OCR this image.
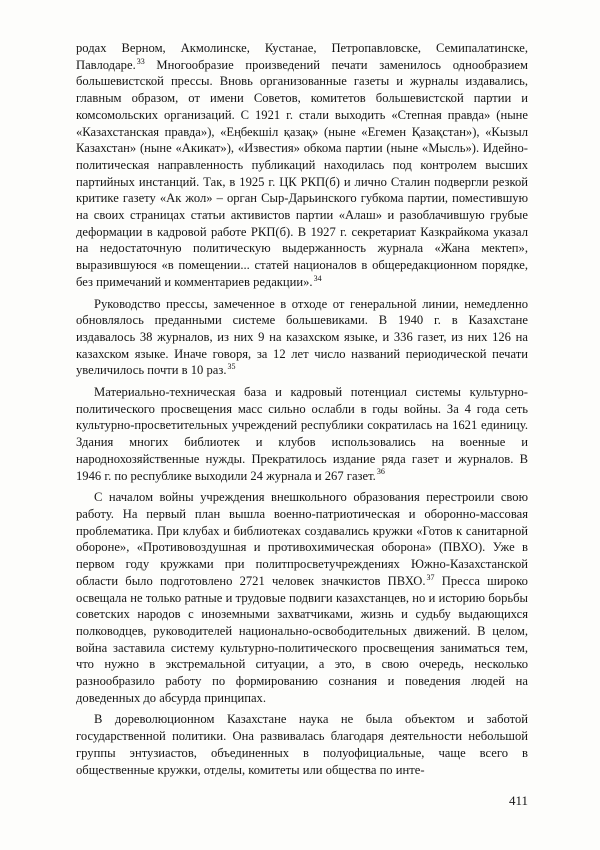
родах Верном, Акмолинске, Кустанае, Петропавловске, Семипалатинске, Павлодаре.$^{33}$ Многообразие произведений печати заменилось однообразием большевистской прессы. Вновь организованные газеты и журналы издавались, главным образом, от имени Советов, комитетов большевистской партии и комсомольских организаций. С 1921 г. стали выходить «Степная правда» (ныне «Казахстанская правда»), «Еңбекшiл қазақ» (ныне «Егемен Қазақстан»), «Кызыл Казахстан» (ныне «Акикат»), «Известия» обкома партии (ныне «Мысль»). Идейно-политическая направленность публикаций находилась под контролем высших партийных инстанций. Так, в 1925 г. ЦК РКП(б) и лично Сталин подвергли резкой критике газету «Ак жол» – орган Сыр-Дарьинского губкома партии, поместившую на своих страницах статьи активистов партии «Алаш» и разоблачившую грубые деформации в кадровой работе РКП(б). В 1927 г. секретариат Казкрайкома указал на недостаточную политическую выдержанность журнала «Жана мектеп», выразившуюся «в помещении... статей националов в общередакционном порядке, без примечаний и комментариев редакции».$^{34}$

Руководство прессы, замеченное в отходе от генеральной линии, немедленно обновлялось преданными системе большевиками. В 1940 г. в Казахстане издавалось 38 журналов, из них 9 на казахском языке, и 336 газет, из них 126 на казахском языке. Иначе говоря, за 12 лет число названий периодической печати увеличилось почти в 10 раз.$^{35}$

Материально-техническая база и кадровый потенциал системы культурно-политического просвещения масс сильно ослабли в годы войны. За 4 года сеть культурно-просветительных учреждений республики сократилась на 1621 единицу. Здания многих библиотек и клубов использовались на военные и народнохозяйственные нужды. Прекратилось издание ряда газет и журналов. В 1946 г. по республике выходили 24 журнала и 267 газет.$^{36}$

С началом войны учреждения внешкольного образования перестроили свою работу. На первый план вышла военно-патриотическая и оборонно-массовая проблематика. При клубах и библиотеках создавались кружки «Готов к санитарной обороне», «Противовоздушная и противохимическая оборона» (ПВХО). Уже в первом году кружками при политпросветучреждениях Южно-Казахстанской области было подготовлено 2721 человек значкистов ПВХО.$^{37}$ Пресса широко освещала не только ратные и трудовые подвиги казахстанцев, но и историю борьбы советских народов с иноземными захватчиками, жизнь и судьбу выдающихся полководцев, руководителей национально-освободительных движений. В целом, война заставила систему культурно-политического просвещения заниматься тем, что нужно в экстремальной ситуации, а это, в свою очередь, несколько разнообразило работу по формированию сознания и поведения людей на доведенных до абсурда принципах.

В дореволюционном Казахстане наука не была объектом и заботой государственной политики. Она развивалась благодаря деятельности небольшой группы энтузиастов, объединенных в полуофициальные, чаще всего в общественные кружки, отделы, комитеты или общества по инте-

411
